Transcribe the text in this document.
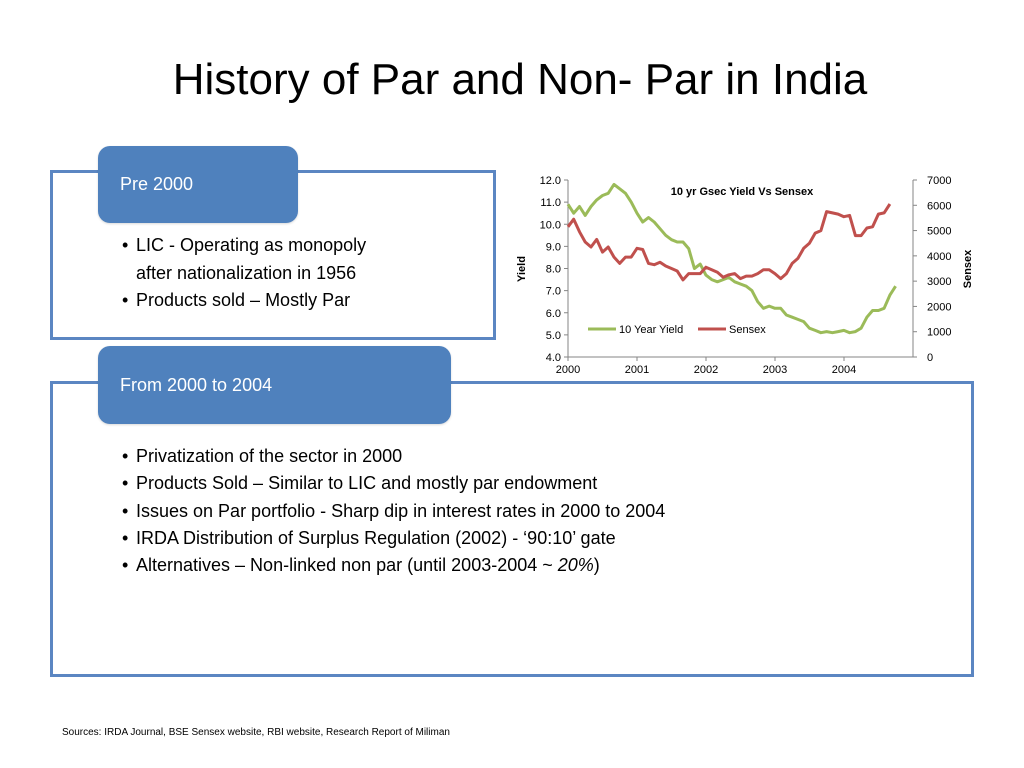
History of Par and Non- Par in India
Pre 2000
• LIC - Operating as monopoly
after nationalization in 1956
• Products sold – Mostly Par
From 2000 to 2004
• Privatization of the sector in 2000
• Products Sold – Similar to LIC and mostly par endowment
• Issues on Par portfolio - Sharp dip in interest rates in 2000 to 2004
• IRDA Distribution of Surplus Regulation (2002) - ‘90:10’ gate
• Alternatives – Non-linked non par (until 2003-2004 ~ 20%)
10 yr Gsec Yield Vs Sensex
Yield	Sensex
4.0
5.0
6.0
7.0
8.0
9.0
10.0
11.0
12.0
0
1000
2000
3000
4000
5000
6000
7000
2000	2001	2002	2003	2004
10 Year Yield	Sensex
Sources: IRDA Journal, BSE Sensex website, RBI website, Research Report of Miliman
